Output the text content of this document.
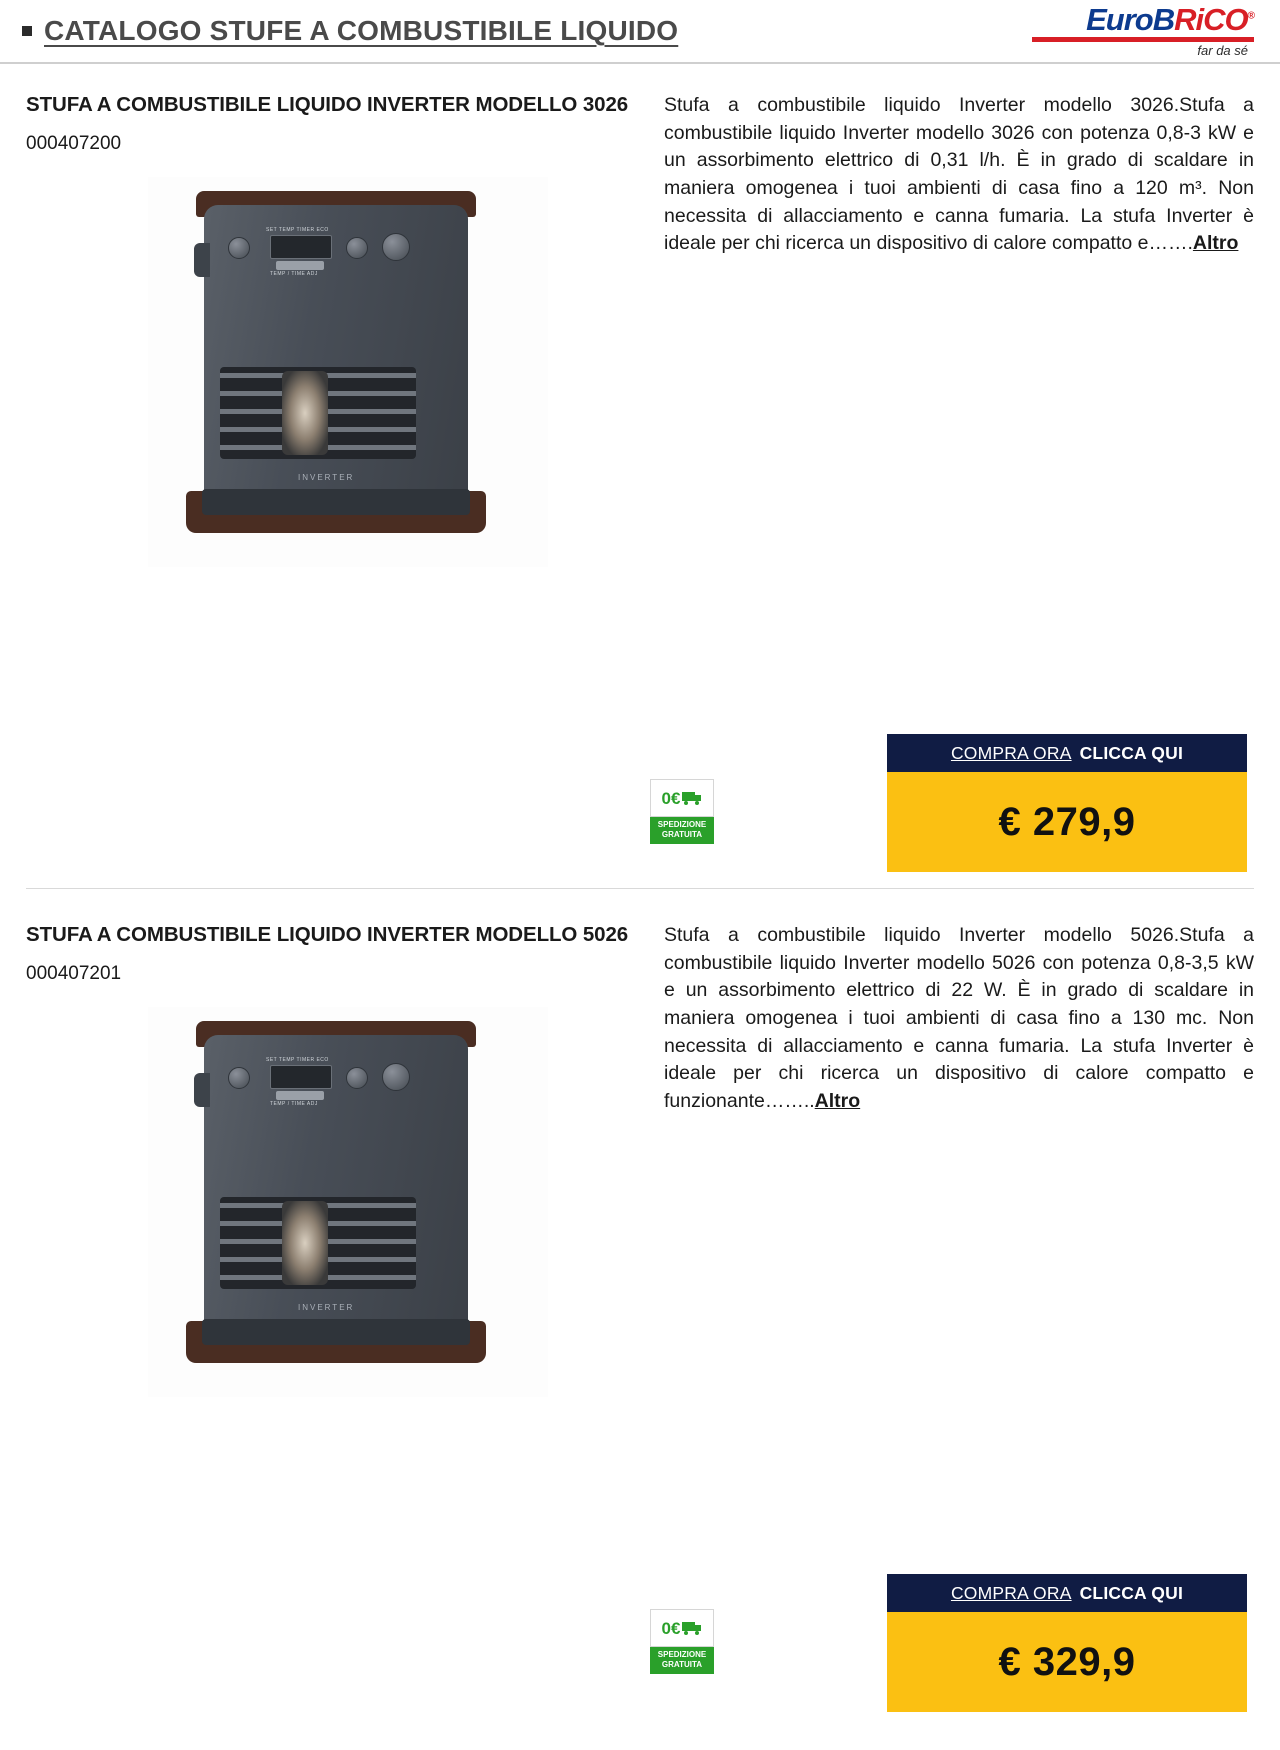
CATALOGO STUFE A COMBUSTIBILE LIQUIDO	EuroBRiCO®
far da sé
STUFA A COMBUSTIBILE LIQUIDO INVERTER MODELLO 3026
000407200
SET TEMP TIMER ECO
TEMP / TIME ADJ
INVERTER

Stufa a combustibile liquido Inverter modello 3026.Stufa a combustibile liquido Inverter modello 3026 con potenza 0,8-3 kW e un assorbimento elettrico di 0,31 l/h. È in grado di scaldare in maniera omogenea i tuoi ambienti di casa fino a 120 m³. Non necessita di allacciamento e canna fumaria. La stufa Inverter è ideale per chi ricerca un dispositivo di calore compatto e…….Altro

0€
SPEDIZIONE
GRATUITA
COMPRA ORA CLICCA QUI
€ 279,9
STUFA A COMBUSTIBILE LIQUIDO INVERTER MODELLO 5026
000407201
SET TEMP TIMER ECO
TEMP / TIME ADJ
INVERTER

Stufa a combustibile liquido Inverter modello 5026.Stufa a combustibile liquido Inverter modello 5026 con potenza 0,8-3,5 kW e un assorbimento elettrico di 22 W. È in grado di scaldare in maniera omogenea i tuoi ambienti di casa fino a 130 mc. Non necessita di allacciamento e canna fumaria. La stufa Inverter è ideale per chi ricerca un dispositivo di calore compatto e funzionante……..Altro

0€
SPEDIZIONE
GRATUITA
COMPRA ORA CLICCA QUI
€ 329,9
